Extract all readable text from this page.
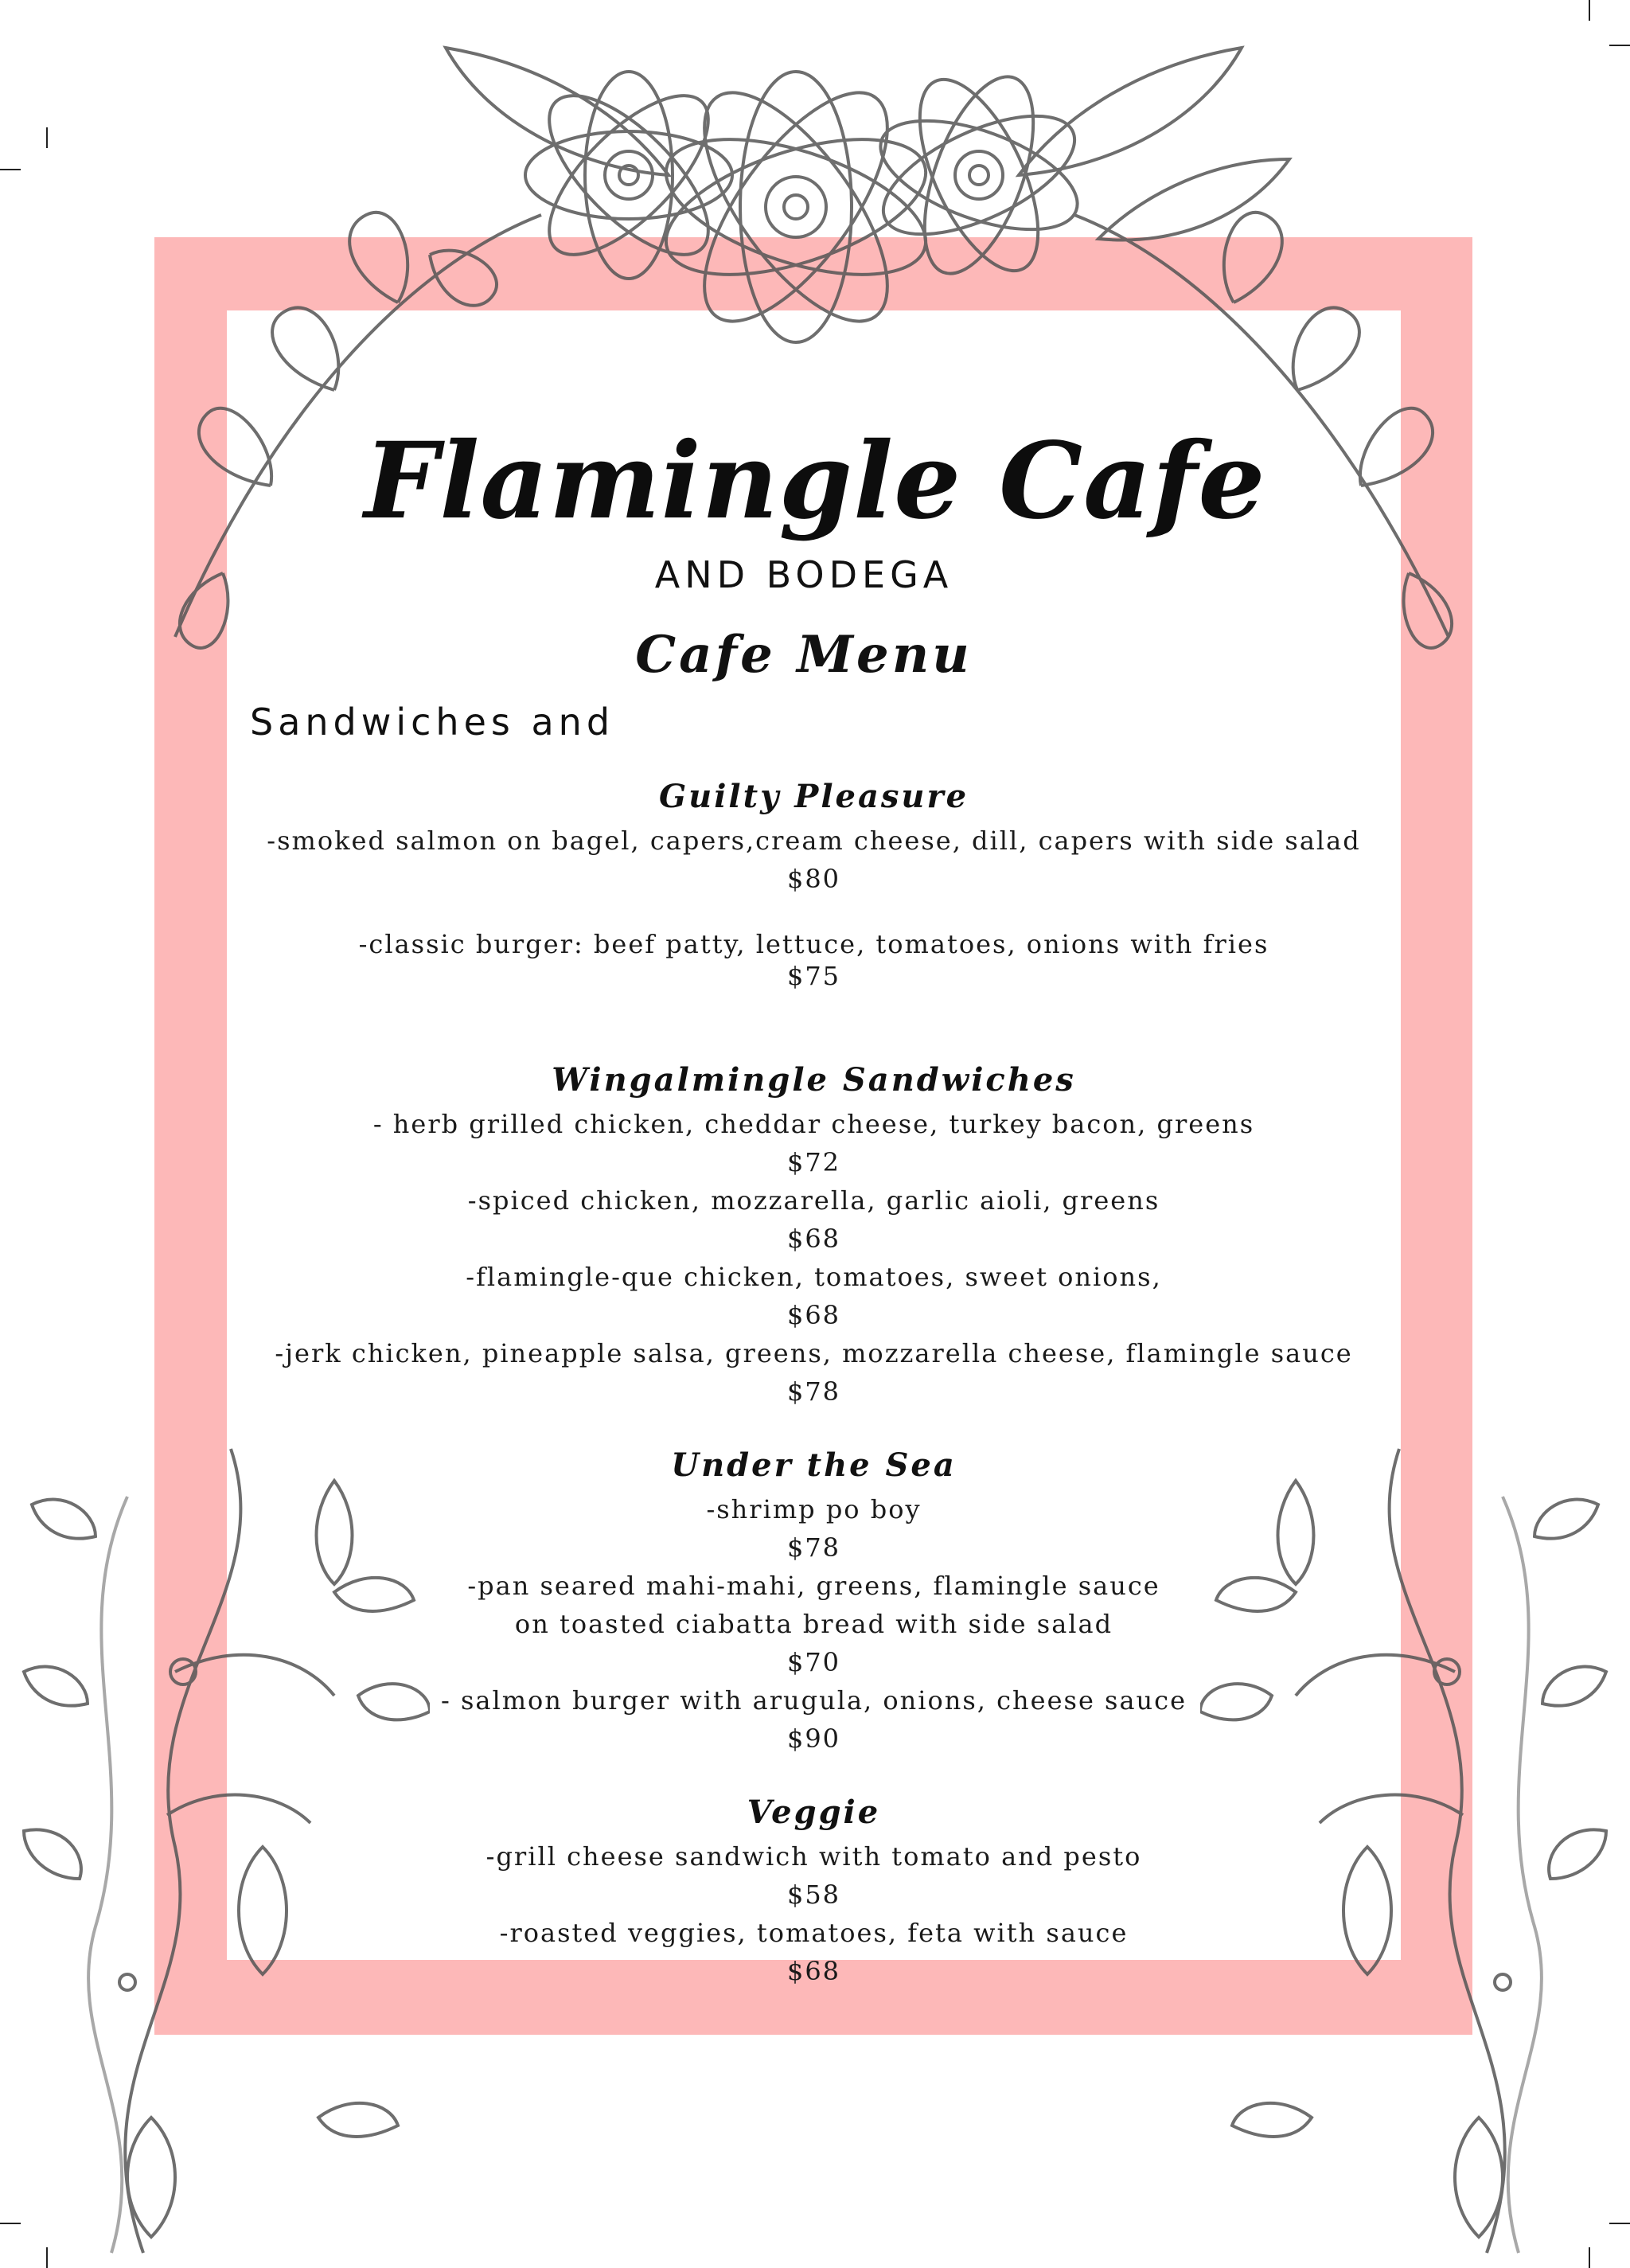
Flamingle Cafe
AND BODEGA
Cafe Menu
Sandwiches and
Guilty Pleasure
-smoked salmon on bagel, capers,cream cheese, dill, capers with side salad
$80
-classic burger: beef patty, lettuce, tomatoes, onions with fries
$75
Wingalmingle Sandwiches
- herb grilled chicken, cheddar cheese, turkey bacon, greens
$72
-spiced chicken, mozzarella, garlic aioli, greens
$68
-flamingle-que chicken, tomatoes, sweet onions,
$68
-jerk chicken, pineapple salsa, greens, mozzarella cheese, flamingle sauce
$78
Under the Sea
-shrimp po boy
$78
-pan seared mahi-mahi, greens, flamingle sauce
on toasted ciabatta bread with side salad
$70
- salmon burger with arugula, onions, cheese sauce
$90
Veggie
-grill cheese sandwich with tomato and pesto
$58
-roasted veggies, tomatoes, feta with sauce
$68
